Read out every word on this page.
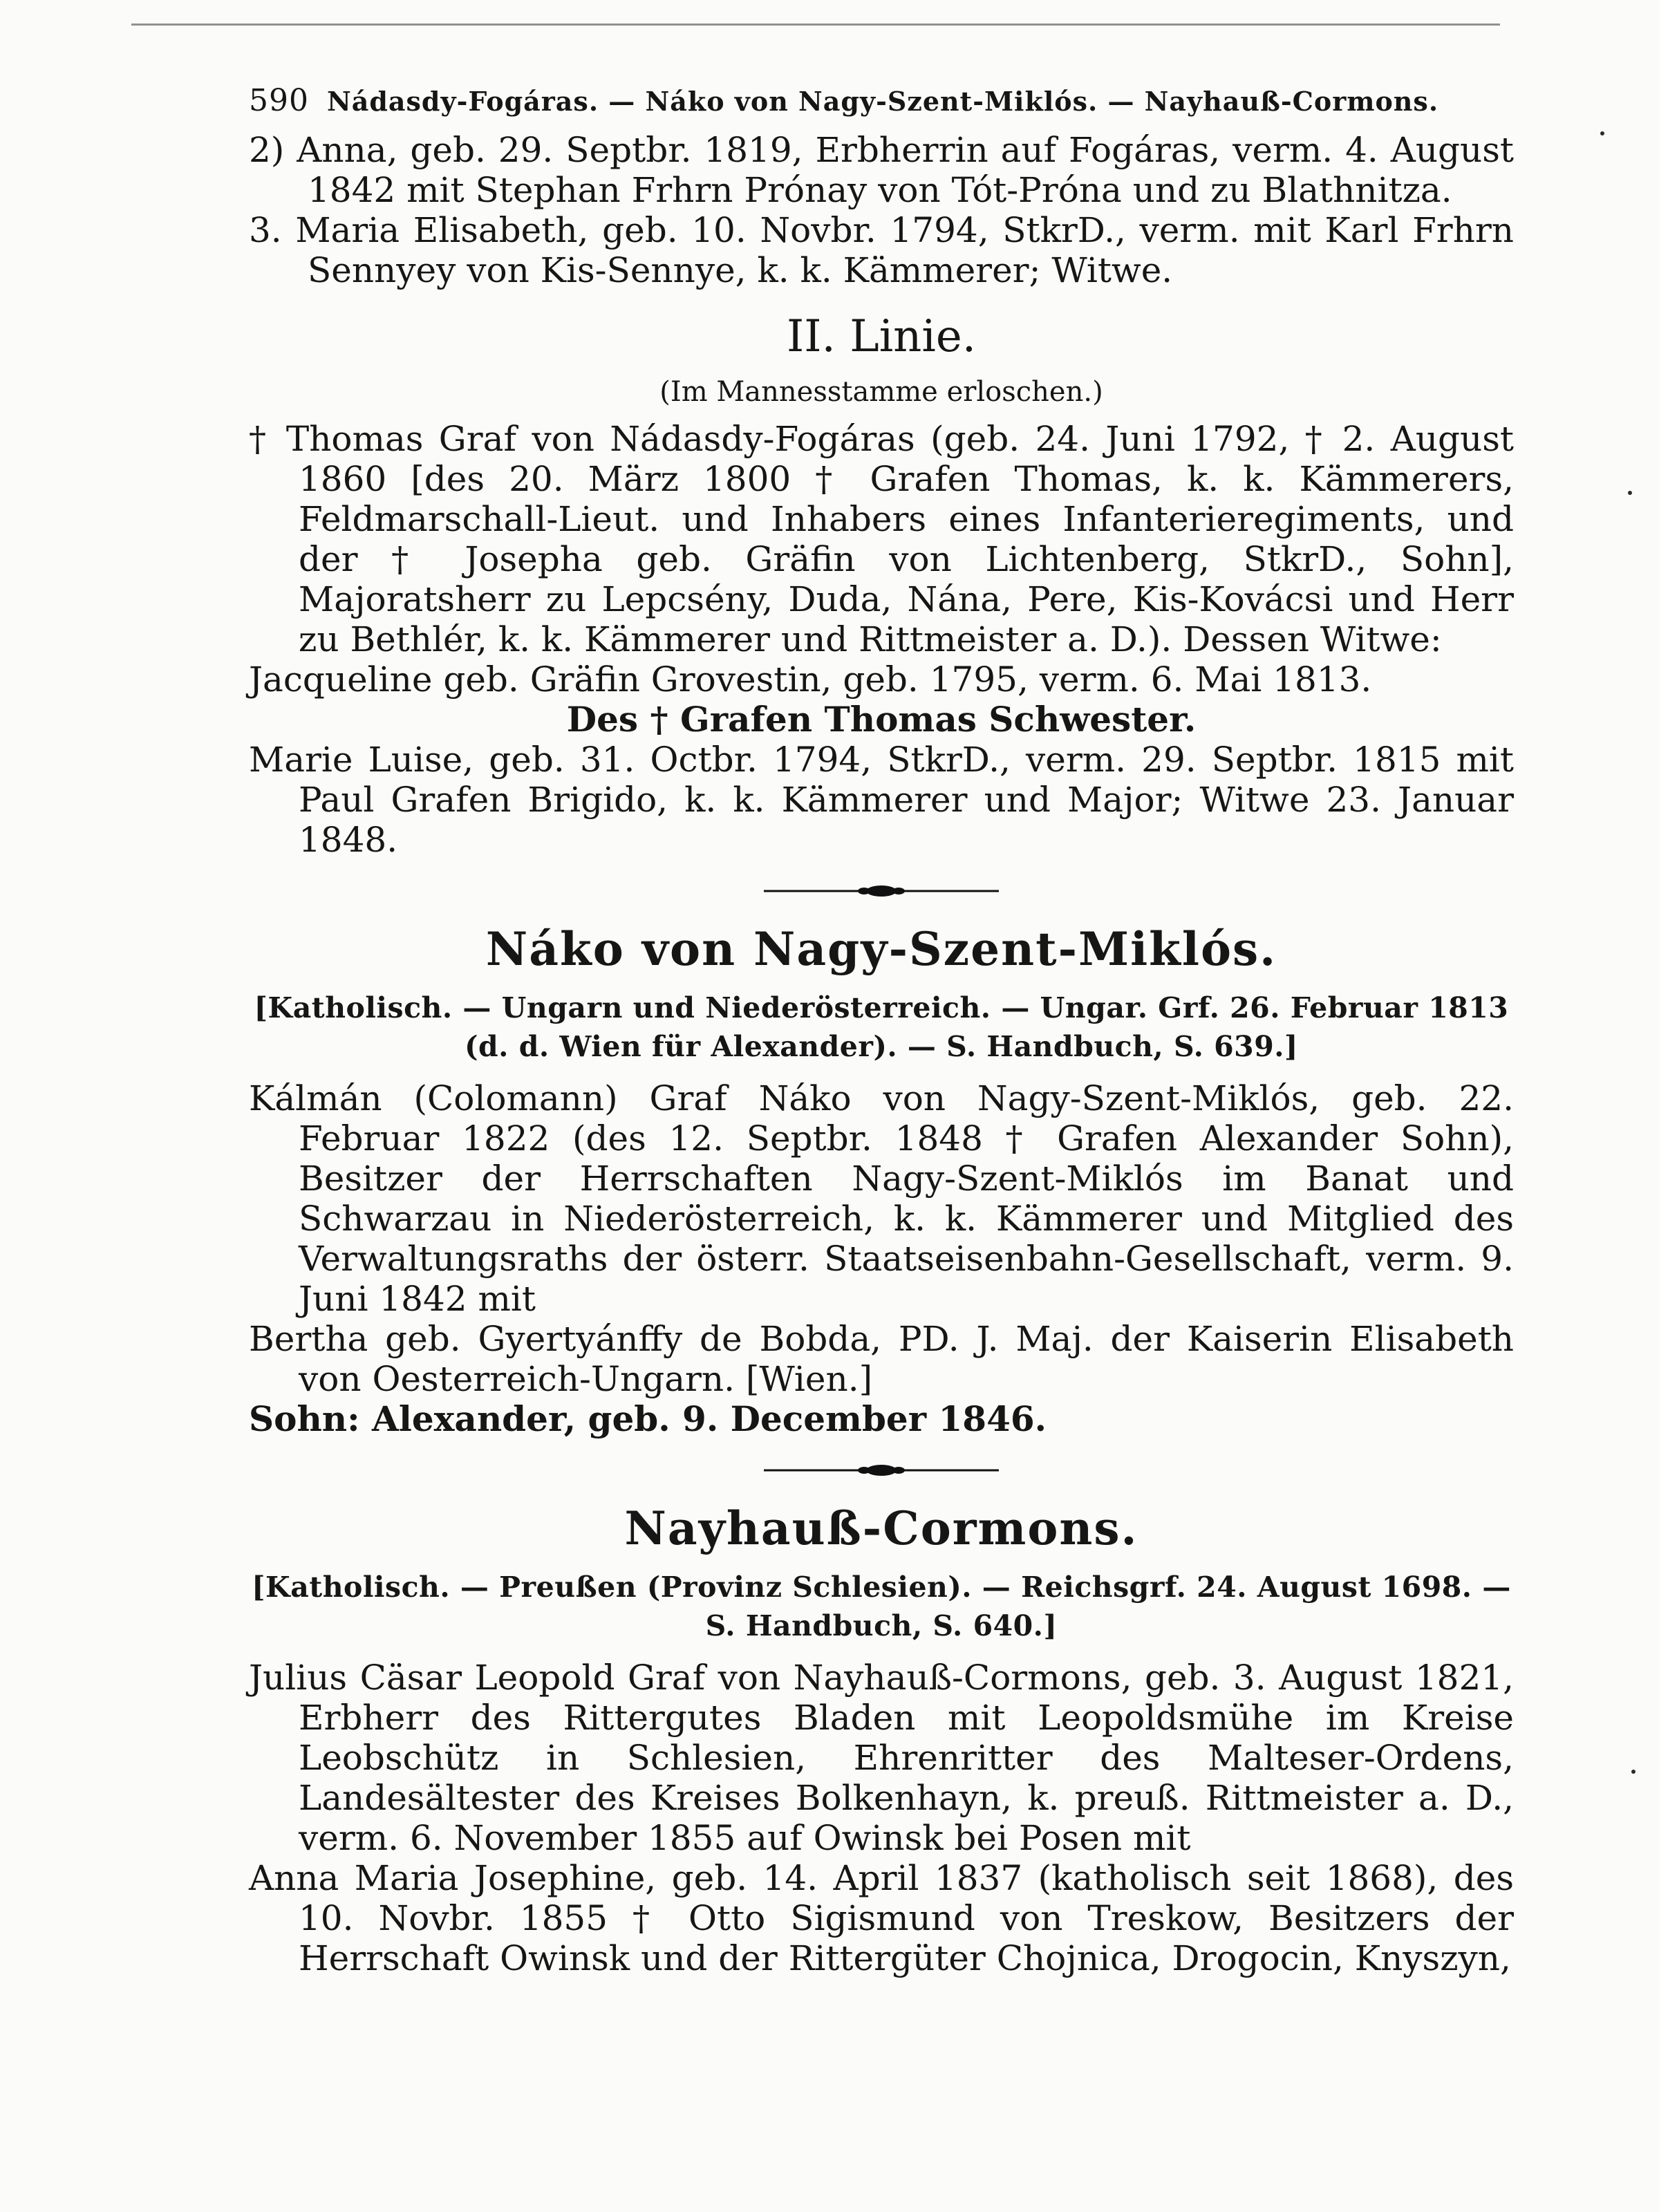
590 Nádasdy-Fogáras. — Náko von Nagy-Szent-Miklós. — Nayhauß-Cormons.

2) Anna, geb. 29. Septbr. 1819, Erbherrin auf Fogáras, verm. 4. August 1842 mit Stephan Frhrn Prónay von Tót-Próna und zu Blathnitza.

3. Maria Elisabeth, geb. 10. Novbr. 1794, StkrD., verm. mit Karl Frhrn Sennyey von Kis-Sennye, k. k. Kämmerer; Witwe.

II. Linie.
(Im Mannesstamme erloschen.)

† Thomas Graf von Nádasdy-Fogáras (geb. 24. Juni 1792, † 2. August 1860 [des 20. März 1800 † Grafen Thomas, k. k. Kämmerers, Feldmarschall-Lieut. und Inhabers eines Infanterieregiments, und der † Josepha geb. Gräfin von Lichtenberg, StkrD., Sohn], Majoratsherr zu Lepcsény, Duda, Nána, Pere, Kis-Kovácsi und Herr zu Bethlér, k. k. Kämmerer und Rittmeister a. D.). Dessen Witwe:

Jacqueline geb. Gräfin Grovestin, geb. 1795, verm. 6. Mai 1813.

Des † Grafen Thomas Schwester.

Marie Luise, geb. 31. Octbr. 1794, StkrD., verm. 29. Septbr. 1815 mit Paul Grafen Brigido, k. k. Kämmerer und Major; Witwe 23. Januar 1848.

Náko von Nagy-Szent-Miklós.

[Katholisch. — Ungarn und Niederösterreich. — Ungar. Grf. 26. Februar 1813 (d. d. Wien für Alexander). — S. Handbuch, S. 639.]

Kálmán (Colomann) Graf Náko von Nagy-Szent-Miklós, geb. 22. Februar 1822 (des 12. Septbr. 1848 † Grafen Alexander Sohn), Besitzer der Herrschaften Nagy-Szent-Miklós im Banat und Schwarzau in Niederösterreich, k. k. Kämmerer und Mitglied des Verwaltungsraths der österr. Staatseisenbahn-Gesellschaft, verm. 9. Juni 1842 mit

Bertha geb. Gyertyánffy de Bobda, PD. J. Maj. der Kaiserin Elisabeth von Oesterreich-Ungarn. [Wien.]

Sohn: Alexander, geb. 9. December 1846.

Nayhauß-Cormons.

[Katholisch. — Preußen (Provinz Schlesien). — Reichsgrf. 24. August 1698. — S. Handbuch, S. 640.]

Julius Cäsar Leopold Graf von Nayhauß-Cormons, geb. 3. August 1821, Erbherr des Rittergutes Bladen mit Leopoldsmühe im Kreise Leobschütz in Schlesien, Ehrenritter des Malteser-Ordens, Landesältester des Kreises Bolkenhayn, k. preuß. Rittmeister a. D., verm. 6. November 1855 auf Owinsk bei Posen mit

Anna Maria Josephine, geb. 14. April 1837 (katholisch seit 1868), des 10. Novbr. 1855 † Otto Sigismund von Treskow, Besitzers der Herrschaft Owinsk und der Rittergüter Chojnica, Drogocin, Knyszyn,
